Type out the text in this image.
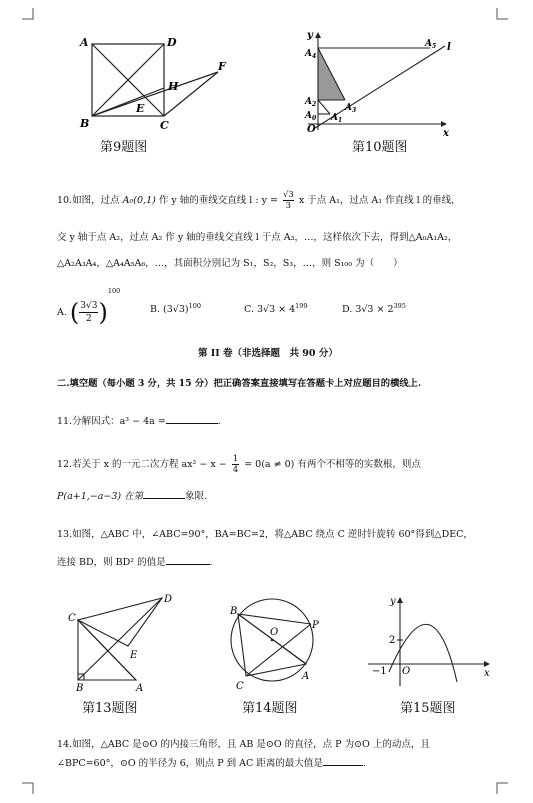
A	D
B	C
E
H
F
第9题图
y
x
O
l
$A_0$ $A_1$
$A_2$	$A_3$
$A_4$
$A_5$
第10题图
10.如图，过点 A₀(0,1) 作 y 轴的垂线交直线 l : $y = \frac{√3}{3}$ x 于点 A₁，过点 A₁ 作直线 l 的垂线，
交 y 轴于点 A₂，过点 A₂ 作 y 轴的垂线交直线 l 于点 A₃，…，这样依次下去，得到△A₀A₁A₂，
△A₂A₃A₄，△A₄A₅A₆，…，其面积分别记为 S₁，S₂，S₃，…，则 S₁₀₀ 为（　　）
A. ( $\frac{3√3}{2} )^{100}$
B. $(3√3)^{100}$	C. $3√3 \times 4^{199}$	D. $3√3 \times 2^{395}$
第 II 卷（非选择题　共 90 分）
二.填空题（每小题 3 分，共 15 分）把正确答案直接填写在答题卡上对应题目的横线上.
11.分解因式：a³ − 4a =	.
12.若关于 x 的一元二次方程 $ax^2 - x - \frac{1}{4} = 0(a \ne 0)$ 有两个不相等的实数根，则点
P(a+1,−a−3) 在第	象限.
13.如图，△ABC 中，∠ABC=90°，BA=BC=2，将△ABC 绕点 C 逆时针旋转 60°得到△DEC，
连接 BD，则 BD² 的值是	.
C
D
E
B	A
第13题图
B
O
P
C
A
第14题图
y
x
O
2
−1
第15题图
14.如图，△ABC 是⊙O 的内接三角形，且 AB 是⊙O 的直径，点 P 为⊙O 上的动点，且
∠BPC=60°，⊙O 的半径为 6，则点 P 到 AC 距离的最大值是	.
